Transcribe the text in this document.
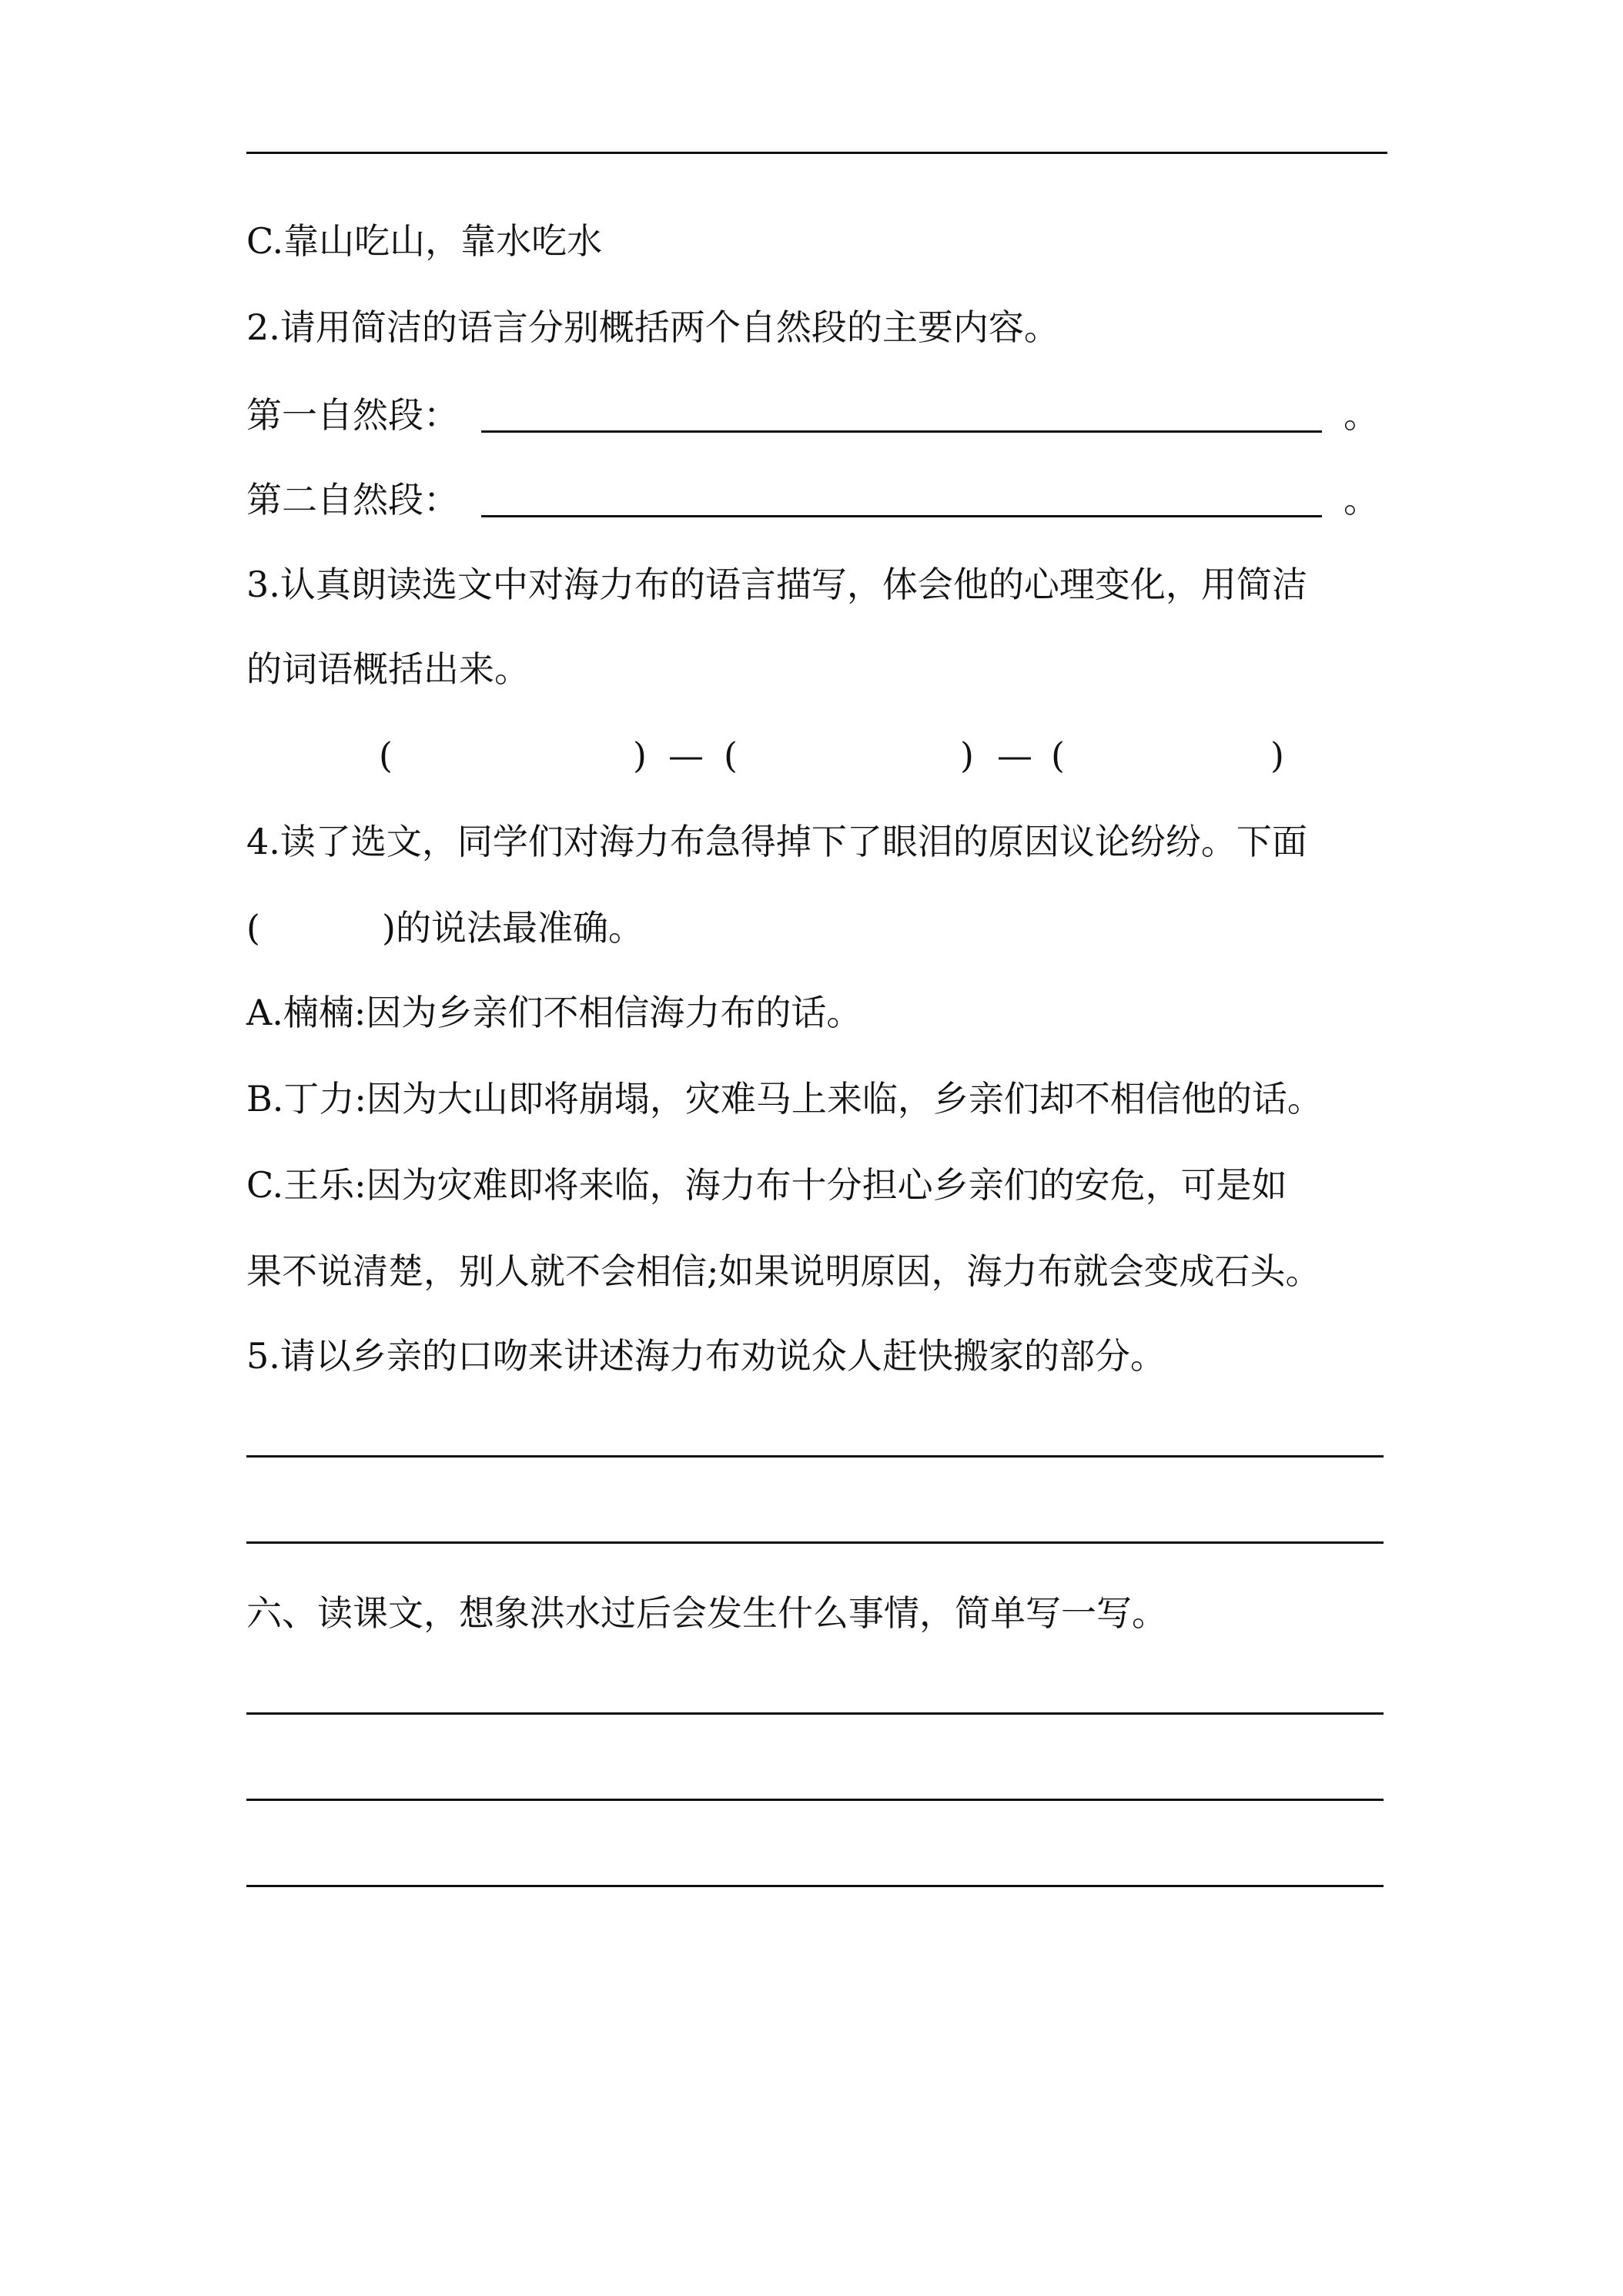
C.靠山吃山，靠水吃水
2.请用简洁的语言分别概括两个自然段的主要内容。
第一自然段：	。
第二自然段：	。
3.认真朗读选文中对海力布的语言描写，体会他的心理变化，用简洁
的词语概括出来。
(	) — (	) — (	)
4.读了选文，同学们对海力布急得掉下了眼泪的原因议论纷纷。下面
(	)的说法最准确。
A.楠楠:因为乡亲们不相信海力布的话。
B.丁力:因为大山即将崩塌，灾难马上来临，乡亲们却不相信他的话。
C.王乐:因为灾难即将来临，海力布十分担心乡亲们的安危，可是如
果不说清楚，别人就不会相信;如果说明原因，海力布就会变成石头。
5.请以乡亲的口吻来讲述海力布劝说众人赶快搬家的部分。
六、读课文，想象洪水过后会发生什么事情，简单写一写。
